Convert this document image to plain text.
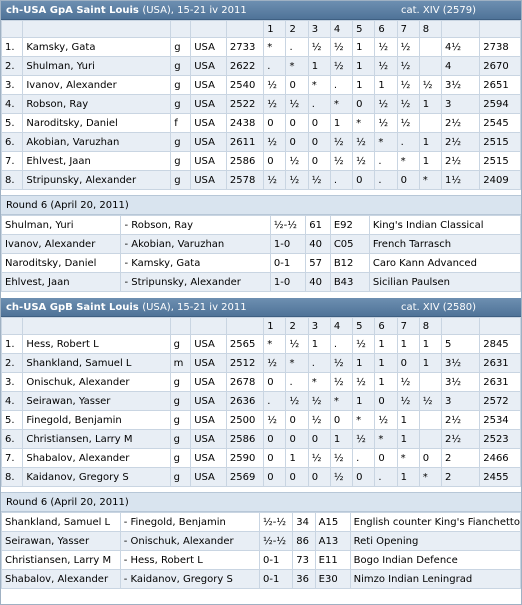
ch-USA GpA Saint Louis (USA), 15-21 iv 2011	cat. XIV (2579)
					1	2	3	4	5	6	7	8		
1.	Kamsky, Gata	g	USA	2733	*	.	½	½	1	½	½		4½	2738
2.	Shulman, Yuri	g	USA	2622	.	*	1	½	1	½	½		4	2670
3.	Ivanov, Alexander	g	USA	2540	½	0	*	.	1	1	½	½	3½	2651
4.	Robson, Ray	g	USA	2522	½	½	.	*	0	½	½	1	3	2594
5.	Naroditsky, Daniel	f	USA	2438	0	0	0	1	*	½	½		2½	2545
6.	Akobian, Varuzhan	g	USA	2611	½	0	0	½	½	*	.	1	2½	2515
7.	Ehlvest, Jaan	g	USA	2586	0	½	0	½	½	.	*	1	2½	2515
8.	Stripunsky, Alexander	g	USA	2578	½	½	½	.	0	.	0	*	1½	2409
Round 6 (April 20, 2011)
Shulman, Yuri	- Robson, Ray	½-½	61	E92	King's Indian Classical
Ivanov, Alexander	- Akobian, Varuzhan	1-0	40	C05	French Tarrasch
Naroditsky, Daniel	- Kamsky, Gata	0-1	57	B12	Caro Kann Advanced
Ehlvest, Jaan	- Stripunsky, Alexander	1-0	40	B43	Sicilian Paulsen
ch-USA GpB Saint Louis (USA), 15-21 iv 2011	cat. XIV (2580)
					1	2	3	4	5	6	7	8		
1.	Hess, Robert L	g	USA	2565	*	½	1	.	½	1	1	1	5	2845
2.	Shankland, Samuel L	m	USA	2512	½	*	.	½	1	1	0	1	3½	2631
3.	Onischuk, Alexander	g	USA	2678	0	.	*	½	½	1	½		3½	2631
4.	Seirawan, Yasser	g	USA	2636	.	½	½	*	1	0	½	½	3	2572
5.	Finegold, Benjamin	g	USA	2500	½	0	½	0	*	½	1		2½	2534
6.	Christiansen, Larry M	g	USA	2586	0	0	0	1	½	*	1		2½	2523
7.	Shabalov, Alexander	g	USA	2590	0	1	½	½	.	0	*	0	2	2466
8.	Kaidanov, Gregory S	g	USA	2569	0	0	0	½	0	.	1	*	2	2455
Round 6 (April 20, 2011)
Shankland, Samuel L	- Finegold, Benjamin	½-½	34	A15	English counter King's Fianchetto
Seirawan, Yasser	- Onischuk, Alexander	½-½	86	A13	Reti Opening
Christiansen, Larry M	- Hess, Robert L	0-1	73	E11	Bogo Indian Defence
Shabalov, Alexander	- Kaidanov, Gregory S	0-1	36	E30	Nimzo Indian Leningrad
